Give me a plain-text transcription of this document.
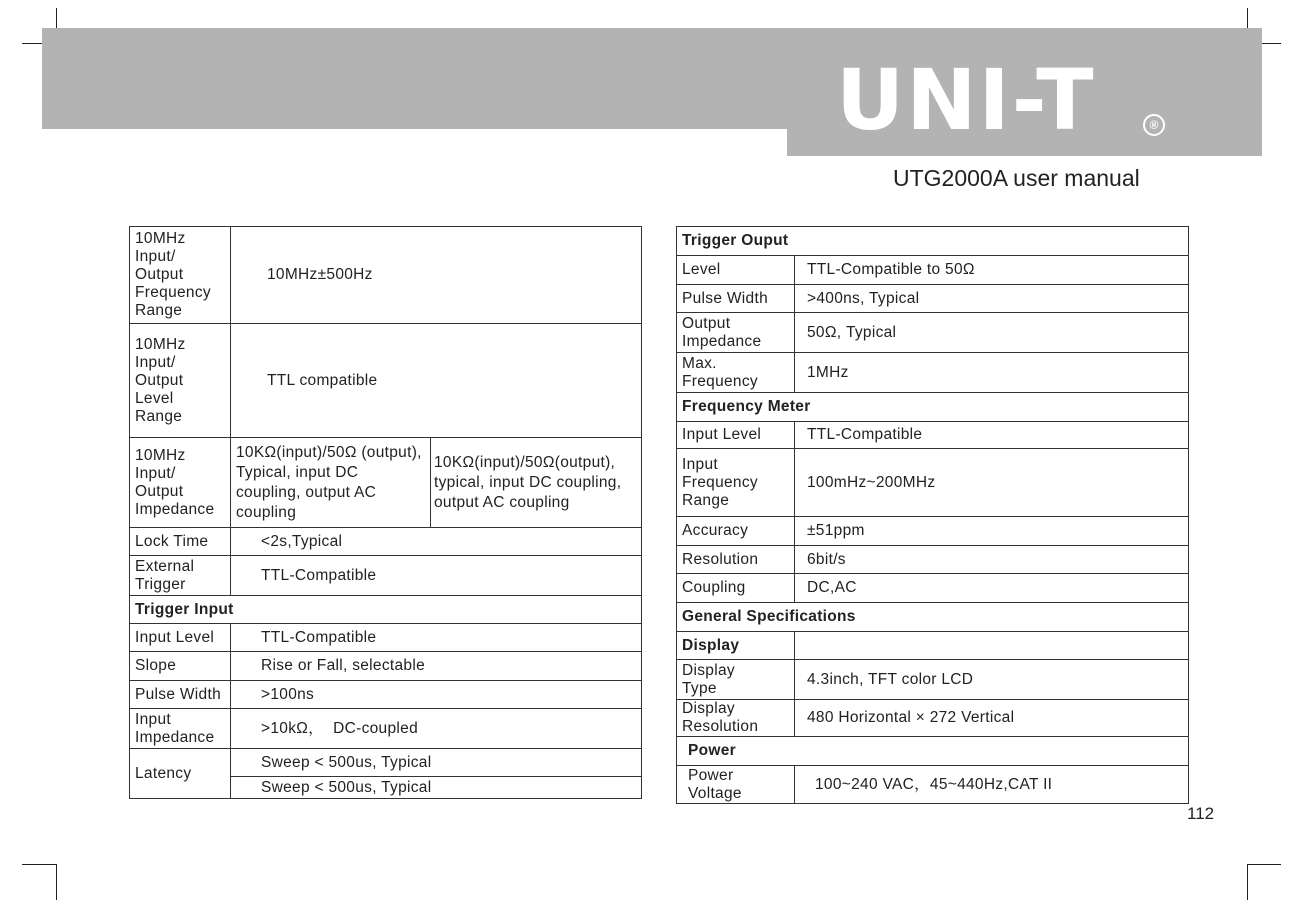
UNI-T	®
UTG2000A user manual
10MHz
Input/
Output
Frequency
Range	10MHz±500Hz	
10MHz
Input/
Output
Level
Range	TTL compatible	
10MHz
Input/
Output
Impedance	10KΩ(input)/50Ω (output), Typical, input DC coupling, output AC coupling	10KΩ(input)/50Ω(output), typical, input DC coupling, output AC coupling
Lock Time	<2s,Typical	
External
Trigger	TTL-Compatible	
Trigger Input		
Input Level	TTL-Compatible	
Slope	Rise or Fall, selectable	
Pulse Width	>100ns	
Input
Impedance	>10kΩ，  DC-coupled	
Latency	Sweep < 500us, Typical	
	Sweep < 500us, Typical	
Trigger Ouput	
Level	TTL-Compatible to 50Ω
Pulse Width	>400ns, Typical
Output
Impedance	50Ω, Typical
Max.
Frequency	1MHz
Frequency Meter	
Input Level	TTL-Compatible
Input
Frequency
Range	100mHz~200MHz
Accuracy	±51ppm
Resolution	6bit/s
Coupling	DC,AC
General Specifications	
Display	
Display
Type	4.3inch, TFT color LCD
Display
Resolution	480 Horizontal × 272 Vertical
Power	
Power
Voltage	100~240 VAC，45~440Hz,CAT II
112
